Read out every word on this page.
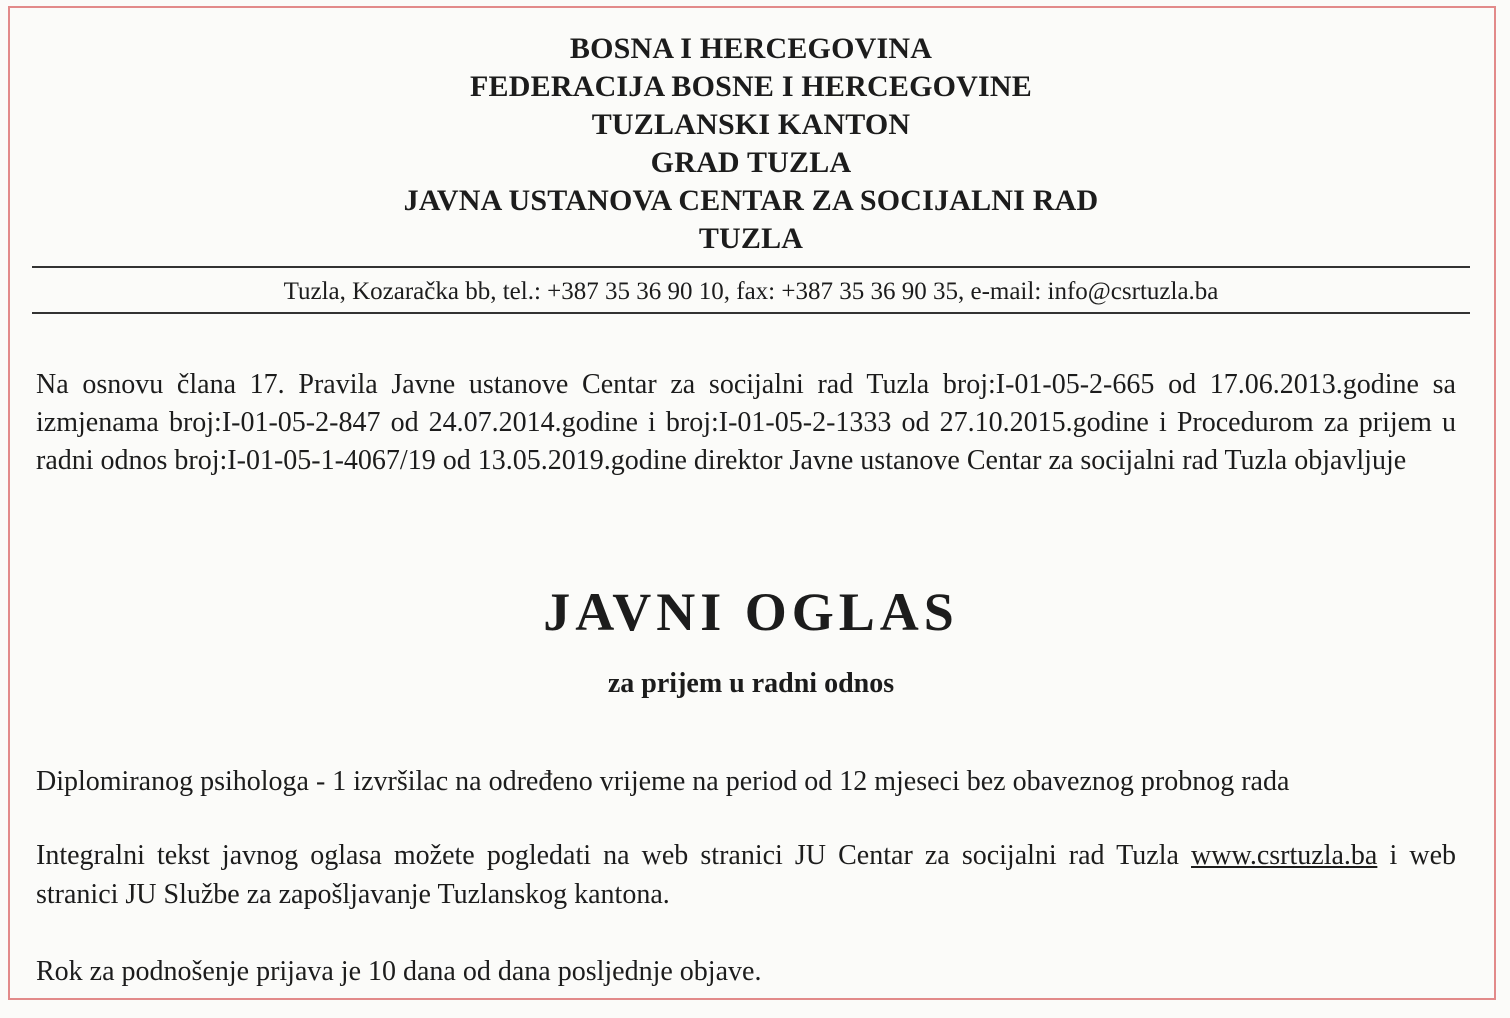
BOSNA I HERCEGOVINA
FEDERACIJA BOSNE I HERCEGOVINE
TUZLANSKI KANTON
GRAD TUZLA
JAVNA USTANOVA CENTAR ZA SOCIJALNI RAD
TUZLA
Tuzla, Kozaračka bb, tel.: +387 35 36 90 10, fax: +387 35 36 90 35, e-mail: info@csrtuzla.ba
Na osnovu člana 17. Pravila Javne ustanove Centar za socijalni rad Tuzla broj:I-01-05-2-665 od 17.06.2013.godine sa izmjenama broj:I-01-05-2-847 od 24.07.2014.godine i broj:I-01-05-2-1333 od 27.10.2015.godine i Procedurom za prijem u radni odnos broj:I-01-05-1-4067/19 od 13.05.2019.godine direktor Javne ustanove Centar za socijalni rad Tuzla objavljuje
JAVNI OGLAS
za prijem u radni odnos
Diplomiranog psihologa - 1 izvršilac na određeno vrijeme na period od 12 mjeseci bez obaveznog probnog rada
Integralni tekst javnog oglasa možete pogledati na web stranici JU Centar za socijalni rad Tuzla www.csrtuzla.ba i web stranici JU Službe za zapošljavanje Tuzlanskog kantona.
Rok za podnošenje prijava je 10 dana od dana posljednje objave.
